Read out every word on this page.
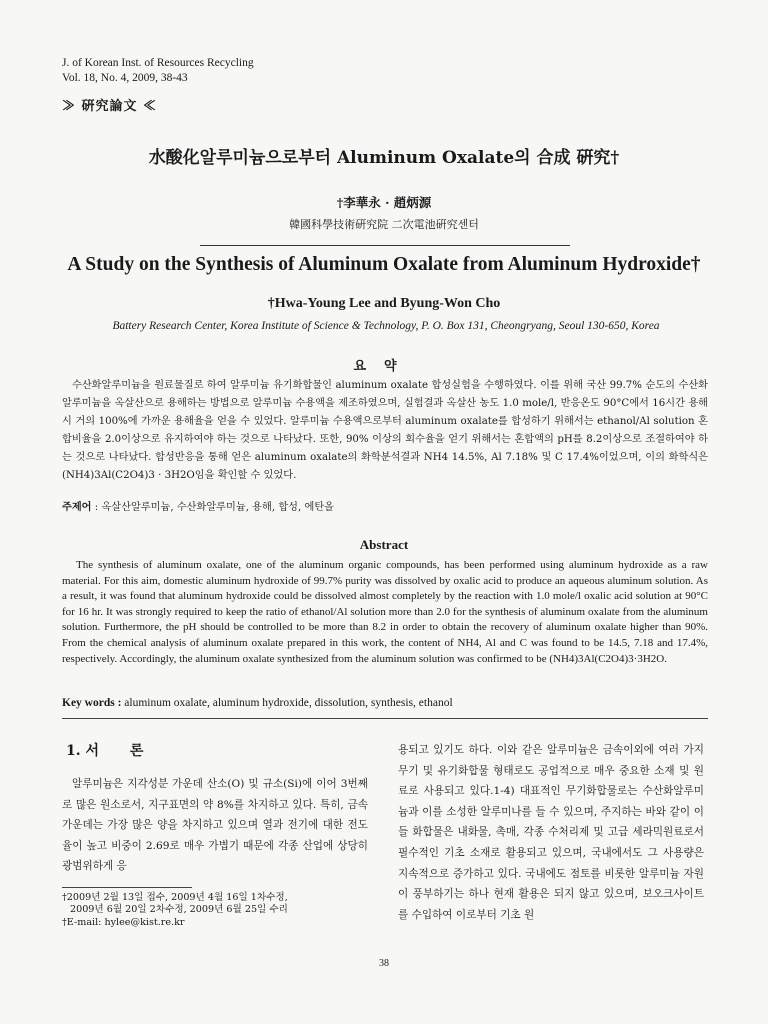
J. of Korean Inst. of Resources Recycling
Vol. 18, No. 4, 2009, 38-43
≫ 硏究論文 ≪
水酸化알루미늄으로부터 Aluminum Oxalate의 合成 硏究†
†李華永 · 趙炳源
韓國科學技術硏究院 二次電池硏究센터
A Study on the Synthesis of Aluminum Oxalate from Aluminum Hydroxide†
†Hwa-Young Lee and Byung-Won Cho
Battery Research Center, Korea Institute of Science & Technology, P. O. Box 131, Cheongryang, Seoul 130-650, Korea
요약
수산화알루미늄을 원료물질로 하여 알루미늄 유기화합물인 aluminum oxalate 합성실험을 수행하였다. 이를 위해 국산 99.7% 순도의 수산화알루미늄을 옥살산으로 용해하는 방법으로 알루미늄 수용액을 제조하였으며, 실험결과 옥살산 농도 1.0 mole/l, 반응온도 90°C에서 16시간 용해시 거의 100%에 가까운 용해율을 얻을 수 있었다. 알루미늄 수용액으로부터 aluminum oxalate를 합성하기 위해서는 ethanol/Al solution 혼합비율을 2.0이상으로 유지하여야 하는 것으로 나타났다. 또한, 90% 이상의 회수율을 얻기 위해서는 혼합액의 pH를 8.2이상으로 조절하여야 하는 것으로 나타났다. 합성반응을 통해 얻은 aluminum oxalate의 화학분석결과 NH4 14.5%, Al 7.18% 및 C 17.4%이었으며, 이의 화학식은 (NH4)3Al(C2O4)3 · 3H2O임을 확인할 수 있었다.
주제어 : 옥살산알루미늄, 수산화알루미늄, 용해, 합성, 에탄올
Abstract
The synthesis of aluminum oxalate, one of the aluminum organic compounds, has been performed using aluminum hydroxide as a raw material. For this aim, domestic aluminum hydroxide of 99.7% purity was dissolved by oxalic acid to produce an aqueous aluminum solution. As a result, it was found that aluminum hydroxide could be dissolved almost completely by the reaction with 1.0 mole/l oxalic acid solution at 90°C for 16 hr. It was strongly required to keep the ratio of ethanol/Al solution more than 2.0 for the synthesis of aluminum oxalate from the aluminum solution. Furthermore, the pH should be controlled to be more than 8.2 in order to obtain the recovery of aluminum oxalate higher than 90%. From the chemical analysis of aluminum oxalate prepared in this work, the content of NH4, Al and C was found to be 14.5, 7.18 and 17.4%, respectively. Accordingly, the aluminum oxalate synthesized from the aluminum solution was confirmed to be (NH4)3Al(C2O4)3·3H2O.
Key words : aluminum oxalate, aluminum hydroxide, dissolution, synthesis, ethanol
1. 서 론
알루미늄은 지각성분 가운데 산소(O) 및 규소(Si)에 이어 3번째로 많은 원소로서, 지구표면의 약 8%를 차지하고 있다. 특히, 금속 가운데는 가장 많은 양을 차지하고 있으며 열과 전기에 대한 전도율이 높고 비중이 2.69로 매우 가볍기 때문에 각종 산업에 상당히 광범위하게 응
용되고 있기도 하다. 이와 같은 알루미늄은 금속이외에 여러 가지 무기 및 유기화합물 형태로도 공업적으로 매우 중요한 소재 및 원료로 사용되고 있다.1-4) 대표적인 무기화합물로는 수산화알루미늄과 이를 소성한 알루미나를 들 수 있으며, 주지하는 바와 같이 이들 화합물은 내화물, 촉매, 각종 수처리제 및 고급 세라믹원료로서 필수적인 기초 소재로 활용되고 있으며, 국내에서도 그 사용량은 지속적으로 증가하고 있다. 국내에도 점토를 비롯한 알루미늄 자원이 풍부하기는 하나 현재 활용은 되지 않고 있으며, 보오크사이트를 수입하여 이로부터 기초 원
†2009년 2월 13일 접수, 2009년 4월 16일 1차수정,
2009년 6월 20일 2차수정, 2009년 6월 25일 수리
†E-mail: hylee@kist.re.kr
38
